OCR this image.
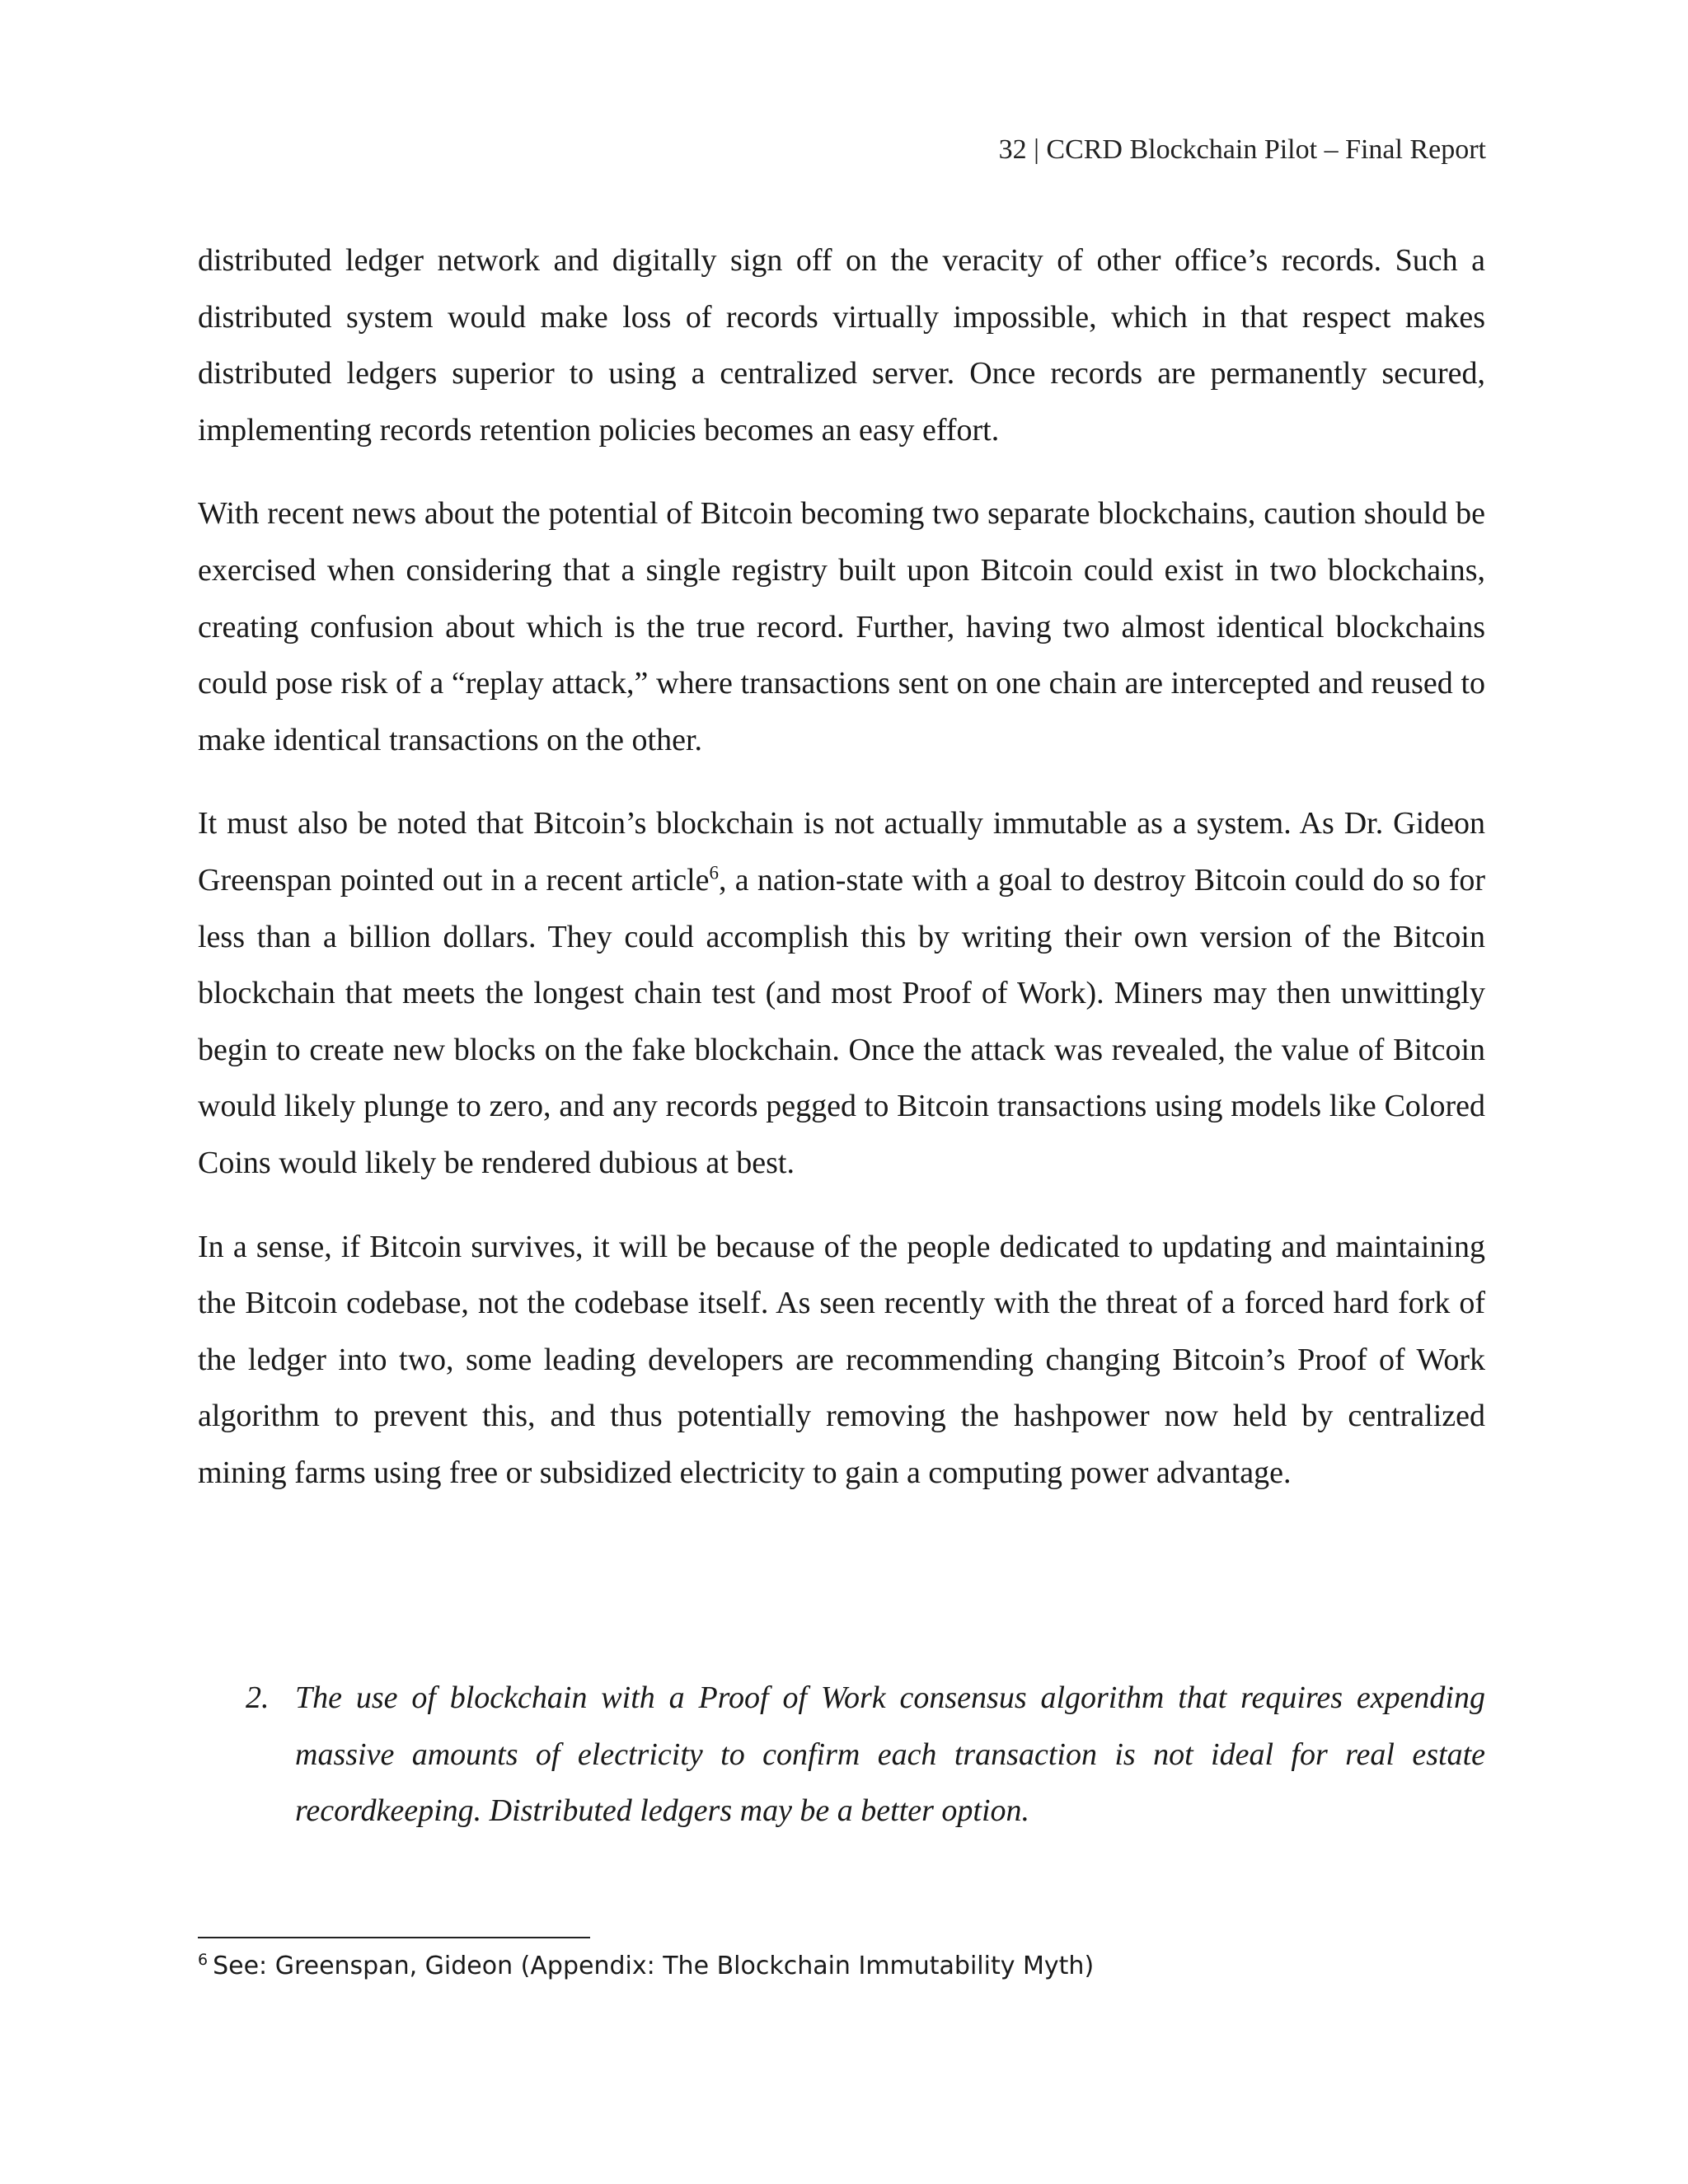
32 | CCRD Blockchain Pilot – Final Report

distributed ledger network and digitally sign off on the veracity of other office’s records. Such a distributed system would make loss of records virtually impossible, which in that respect makes distributed ledgers superior to using a centralized server. Once records are permanently secured, implementing records retention policies becomes an easy effort.

With recent news about the potential of Bitcoin becoming two separate blockchains, caution should be exercised when considering that a single registry built upon Bitcoin could exist in two blockchains, creating confusion about which is the true record. Further, having two almost identical blockchains could pose risk of a “replay attack,” where transactions sent on one chain are intercepted and reused to make identical transactions on the other.

It must also be noted that Bitcoin’s blockchain is not actually immutable as a system. As Dr. Gideon Greenspan pointed out in a recent article$^6$, a nation-state with a goal to destroy Bitcoin could do so for less than a billion dollars. They could accomplish this by writing their own version of the Bitcoin blockchain that meets the longest chain test (and most Proof of Work). Miners may then unwittingly begin to create new blocks on the fake blockchain. Once the attack was revealed, the value of Bitcoin would likely plunge to zero, and any records pegged to Bitcoin transactions using models like Colored Coins would likely be rendered dubious at best.

In a sense, if Bitcoin survives, it will be because of the people dedicated to updating and maintaining the Bitcoin codebase, not the codebase itself. As seen recently with the threat of a forced hard fork of the ledger into two, some leading developers are recommending changing Bitcoin’s Proof of Work algorithm to prevent this, and thus potentially removing the hashpower now held by centralized mining farms using free or subsidized electricity to gain a computing power advantage.

2. The use of blockchain with a Proof of Work consensus algorithm that requires expending massive amounts of electricity to confirm each transaction is not ideal for real estate recordkeeping. Distributed ledgers may be a better option.
$^6$ See: Greenspan, Gideon (Appendix: The Blockchain Immutability Myth)
